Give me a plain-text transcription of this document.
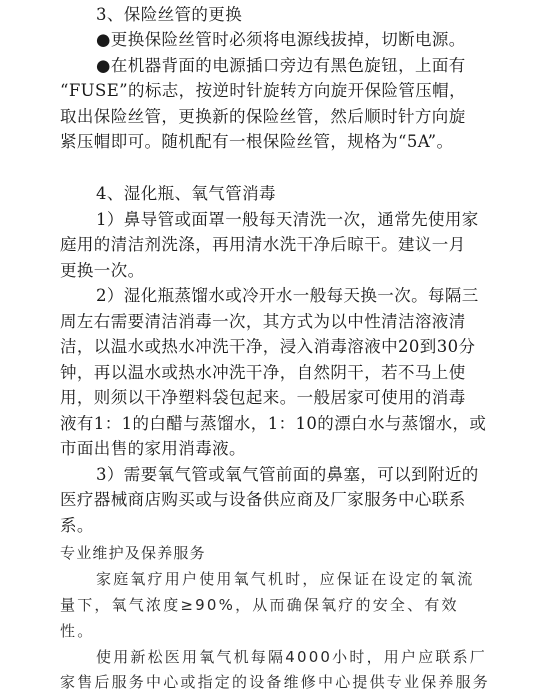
3、保险丝管的更换
●更换保险丝管时必须将电源线拔掉，切断电源。
●在机器背面的电源插口旁边有黑色旋钮，上面有
“FUSE”的标志，按逆时针旋转方向旋开保险管压帽，
取出保险丝管，更换新的保险丝管，然后顺时针方向旋
紧压帽即可。随机配有一根保险丝管，规格为“5A”。
4、湿化瓶、氧气管消毒
1）鼻导管或面罩一般每天清洗一次，通常先使用家
庭用的清洁剂洗涤，再用清水洗干净后晾干。建议一月
更换一次。
2）湿化瓶蒸馏水或冷开水一般每天换一次。每隔三
周左右需要清洁消毒一次，其方式为以中性清洁溶液清
洁，以温水或热水冲洗干净，浸入消毒溶液中20到30分
钟，再以温水或热水冲洗干净，自然阴干，若不马上使
用，则须以干净塑料袋包起来。一般居家可使用的消毒
液有1：1的白醋与蒸馏水，1：10的漂白水与蒸馏水，或
市面出售的家用消毒液。
3）需要氧气管或氧气管前面的鼻塞，可以到附近的
医疗器械商店购买或与设备供应商及厂家服务中心联系
系。
专业维护及保养服务
家庭氧疗用户使用氧气机时，应保证在设定的氧流
量下，氧气浓度≥90%，从而确保氧疗的安全、有效
性。
使用新松医用氧气机每隔4000小时，用户应联系厂
家售后服务中心或指定的设备维修中心提供专业保养服务
